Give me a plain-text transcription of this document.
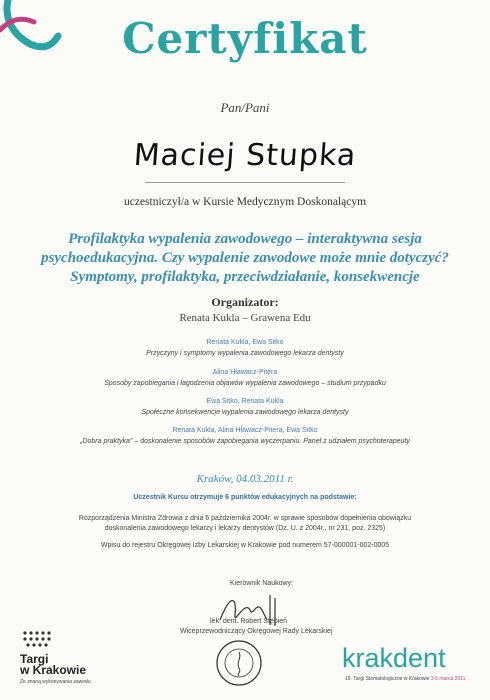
Certyfikat
Pan/Pani
Maciej Stupka
uczestniczył/a w Kursie Medycznym Doskonalącym
Profilaktyka wypalenia zawodowego – interaktywna sesja
psychoedukacyjna. Czy wypalenie zawodowe może mnie dotyczyć?
Symptomy, profilaktyka, przeciwdziałanie, konsekwencje
Organizator:
Renata Kukla – Grawena Edu
Renata Kukla, Ewa Sitko
Przyczyny i symptomy wypalenia zawodowego lekarza dentysty
Alina Hławacz-Pitera
Sposoby zapobiegania i łagodzenia objawów wypalenia zawodowego – studium przypadku
Ewa Sitko, Renata Kukla
Społeczne konsekwencje wypalenia zawodowego lekarza dentysty
Renata Kukla, Alina Hławacz-Pitera, Ewa Sitko
„Dobra praktyka" – doskonalenie sposobów zapobiegania wyczerpaniu. Panel z udziałem psychoterapeuty
Kraków, 04.03.2011 r.
Uczestnik Kursu otrzymuje 6 punktów edukacyjnych na podstawie:
Rozporządzenia Ministra Zdrowia z dnia 6 października 2004r. w sprawie sposobów dopełnienia obowiązku
doskonalenia zawodowego lekarzy i lekarzy dentystów (Dz. U. z 2004r., nr 231, poz. 2325)
Wpisu do rejestru Okręgowej Izby Lekarskiej w Krakowie pod numerem 57-000001-002-0005
Kierownik Naukowy:
lek. dent. Robert Stępień
Wiceprzewodniczący Okręgowej Rady Lekarskiej
Targi
w Krakowie
Ze znaną wykonywania zawodu
krakdent
19. Targi Stomatologiczne w Krakowie 3-5 marca 2011
